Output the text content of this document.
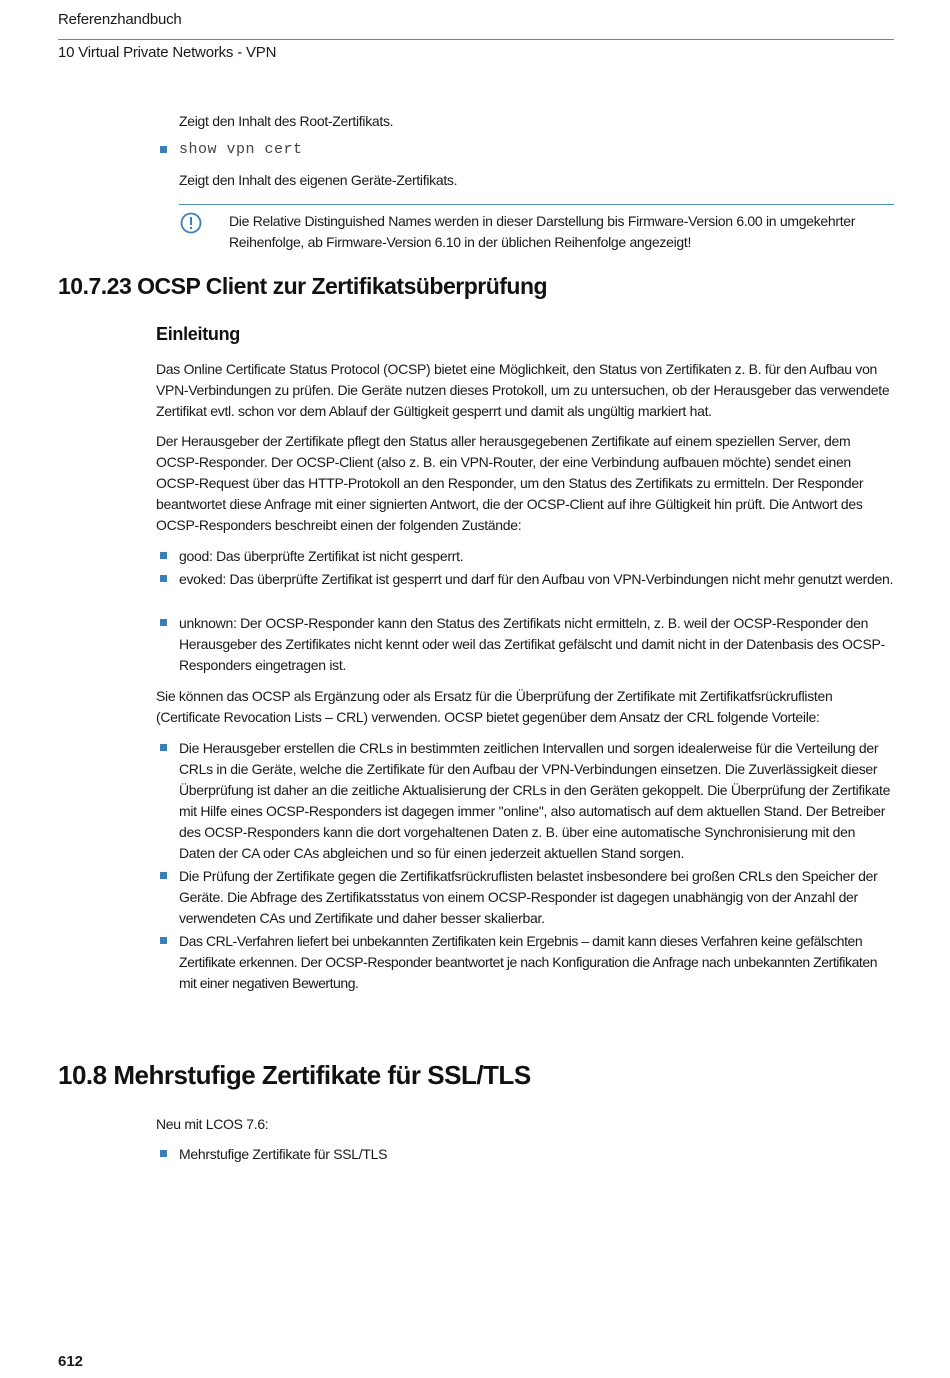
Referenzhandbuch
10 Virtual Private Networks - VPN
Zeigt den Inhalt des Root-Zertifikats.
show vpn cert
Zeigt den Inhalt des eigenen Geräte-Zertifikats.
Die Relative Distinguished Names werden in dieser Darstellung bis Firmware-Version 6.00 in umgekehrter Reihenfolge, ab Firmware-Version 6.10 in der üblichen Reihenfolge angezeigt!
10.7.23 OCSP Client zur Zertifikatsüberprüfung
Einleitung
Das Online Certificate Status Protocol (OCSP) bietet eine Möglichkeit, den Status von Zertifikaten z. B. für den Aufbau von VPN-Verbindungen zu prüfen. Die Geräte nutzen dieses Protokoll, um zu untersuchen, ob der Herausgeber das verwendete Zertifikat evtl. schon vor dem Ablauf der Gültigkeit gesperrt und damit als ungültig markiert hat.
Der Herausgeber der Zertifikate pflegt den Status aller herausgegebenen Zertifikate auf einem speziellen Server, dem OCSP-Responder. Der OCSP-Client (also z. B. ein VPN-Router, der eine Verbindung aufbauen möchte) sendet einen OCSP-Request über das HTTP-Protokoll an den Responder, um den Status des Zertifikats zu ermitteln. Der Responder beantwortet diese Anfrage mit einer signierten Antwort, die der OCSP-Client auf ihre Gültigkeit hin prüft. Die Antwort des OCSP-Responders beschreibt einen der folgenden Zustände:
good: Das überprüfte Zertifikat ist nicht gesperrt.
evoked: Das überprüfte Zertifikat ist gesperrt und darf für den Aufbau von VPN-Verbindungen nicht mehr genutzt werden.
unknown: Der OCSP-Responder kann den Status des Zertifikats nicht ermitteln, z. B. weil der OCSP-Responder den Herausgeber des Zertifikates nicht kennt oder weil das Zertifikat gefälscht und damit nicht in der Datenbasis des OCSP-Responders eingetragen ist.
Sie können das OCSP als Ergänzung oder als Ersatz für die Überprüfung der Zertifikate mit Zertifikatfsrückruflisten (Certificate Revocation Lists – CRL) verwenden. OCSP bietet gegenüber dem Ansatz der CRL folgende Vorteile:
Die Herausgeber erstellen die CRLs in bestimmten zeitlichen Intervallen und sorgen idealerweise für die Verteilung der CRLs in die Geräte, welche die Zertifikate für den Aufbau der VPN-Verbindungen einsetzen. Die Zuverlässigkeit dieser Überprüfung ist daher an die zeitliche Aktualisierung der CRLs in den Geräten gekoppelt. Die Überprüfung der Zertifikate mit Hilfe eines OCSP-Responders ist dagegen immer "online", also automatisch auf dem aktuellen Stand. Der Betreiber des OCSP-Responders kann die dort vorgehaltenen Daten z. B. über eine automatische Synchronisierung mit den Daten der CA oder CAs abgleichen und so für einen jederzeit aktuellen Stand sorgen.
Die Prüfung der Zertifikate gegen die Zertifikatfsrückruflisten belastet insbesondere bei großen CRLs den Speicher der Geräte. Die Abfrage des Zertifikatsstatus von einem OCSP-Responder ist dagegen unabhängig von der Anzahl der verwendeten CAs und Zertifikate und daher besser skalierbar.
Das CRL-Verfahren liefert bei unbekannten Zertifikaten kein Ergebnis – damit kann dieses Verfahren keine gefälschten Zertifikate erkennen. Der OCSP-Responder beantwortet je nach Konfiguration die Anfrage nach unbekannten Zertifikaten mit einer negativen Bewertung.
10.8 Mehrstufige Zertifikate für SSL/TLS
Neu mit LCOS 7.6:
Mehrstufige Zertifikate für SSL/TLS
612
